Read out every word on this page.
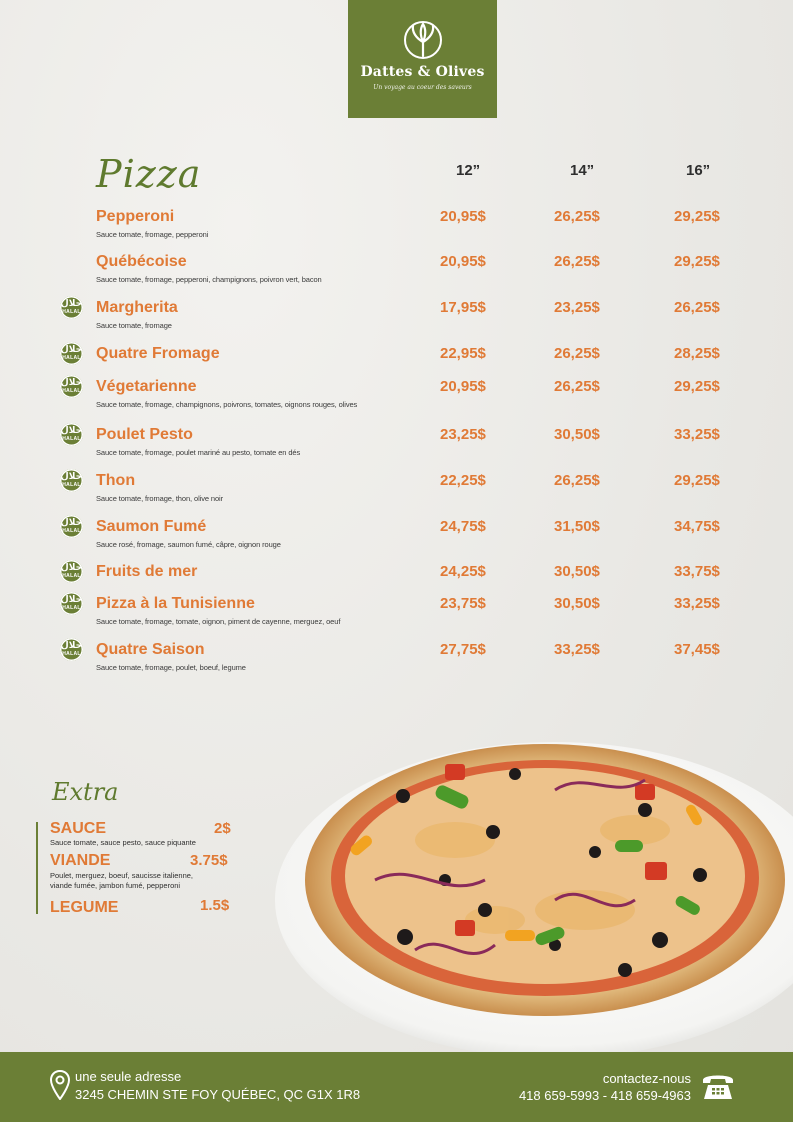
Dattes & Olives
Un voyage au coeur des saveurs
Pizza	12”	14”	16”
Pepperoni
Sauce tomate, fromage, pepperoni
20,95$	26,25$	29,25$
Québécoise
Sauce tomate, fromage, pepperoni, champignons, poivron vert, bacon
20,95$	26,25$	29,25$
حلال
HALAL Margherita
Sauce tomate, fromage
17,95$	23,25$	26,25$
حلال
HALAL Quatre Fromage	22,95$	26,25$	28,25$
حلال
HALAL Végetarienne
Sauce tomate, fromage, champignons, poivrons, tomates, oignons rouges, olives
20,95$	26,25$	29,25$
حلال
HALAL Poulet Pesto
Sauce tomate, fromage, poulet mariné au pesto, tomate en dés
23,25$	30,50$	33,25$
حلال
HALAL Thon
Sauce tomate, fromage, thon, olive noir
22,25$	26,25$	29,25$
حلال
HALAL Saumon Fumé
Sauce rosé, fromage, saumon fumé, câpre, oignon rouge
24,75$	31,50$	34,75$
حلال
HALAL Fruits de mer	24,25$	30,50$	33,75$
حلال
HALAL Pizza à la Tunisienne
Sauce tomate, fromage, tomate, oignon, piment de cayenne, merguez, oeuf
23,75$	30,50$	33,25$
حلال
HALAL Quatre Saison
Sauce tomate, fromage, poulet, boeuf, legume
27,75$	33,25$	37,45$
Extra
SAUCE	2$
Sauce tomate, sauce pesto, sauce piquante
VIANDE	3.75$
Poulet, merguez, boeuf, saucisse italienne,
viande fumée, jambon fumé, pepperoni
LEGUME	1.5$
une seule adresse
3245 CHEMIN STE FOY QUÉBEC, QC G1X 1R8
contactez-nous
418 659-5993 - 418 659-4963
